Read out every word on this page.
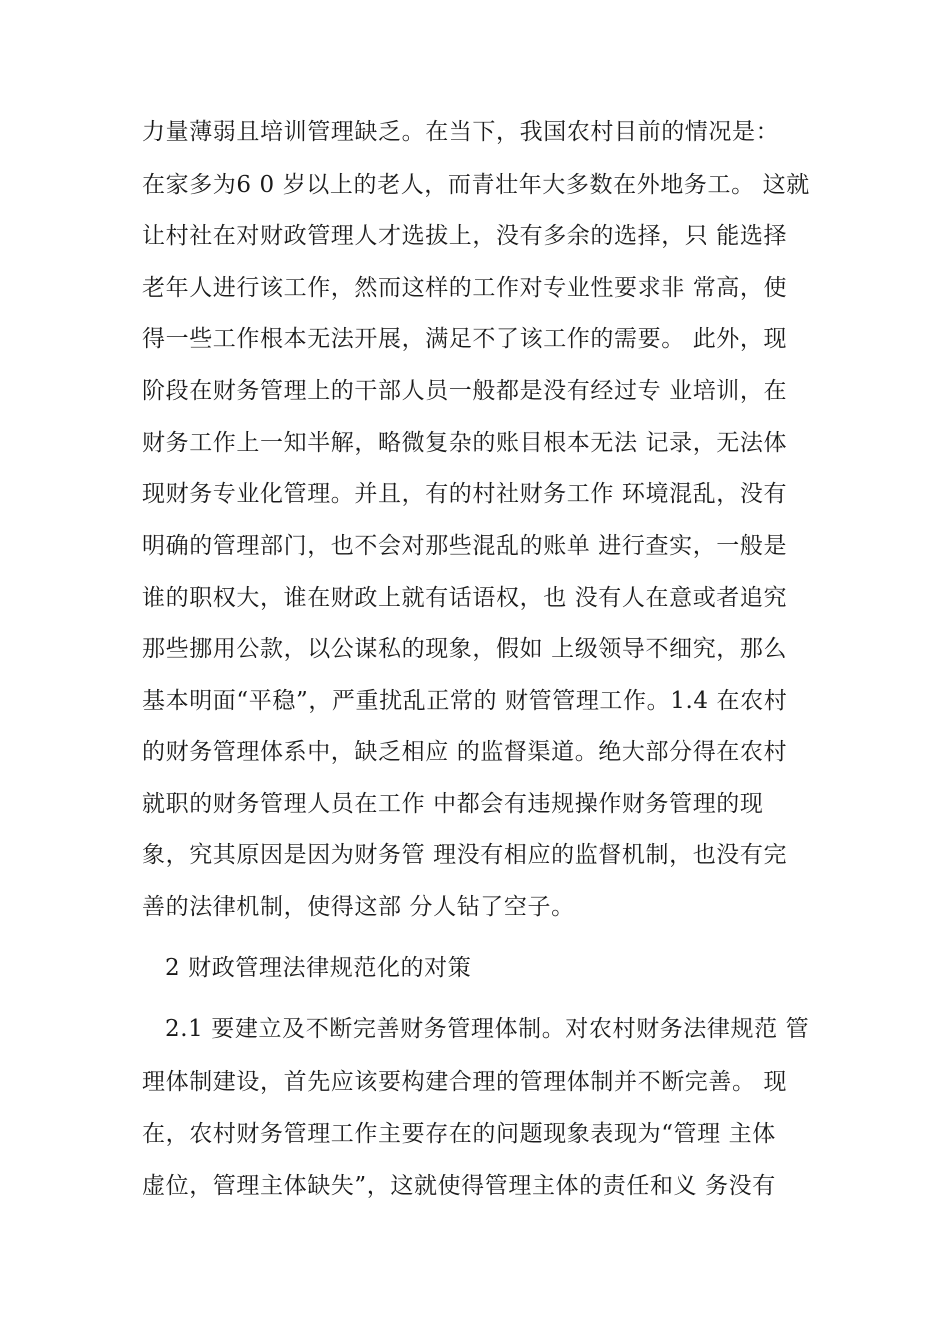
力量薄弱且培训管理缺乏。在当下，我国农村目前的情况是：
在家多为6 0 岁以上的老人，而青壮年大多数在外地务工。 这就
让村社在对财政管理人才选拔上，没有多余的选择，只 能选择
老年人进行该工作，然而这样的工作对专业性要求非 常高，使
得一些工作根本无法开展，满足不了该工作的需要。 此外，现
阶段在财务管理上的干部人员一般都是没有经过专 业培训，在
财务工作上一知半解，略微复杂的账目根本无法 记录，无法体
现财务专业化管理。并且，有的村社财务工作 环境混乱，没有
明确的管理部门，也不会对那些混乱的账单 进行查实，一般是
谁的职权大，谁在财政上就有话语权，也 没有人在意或者追究
那些挪用公款，以公谋私的现象，假如 上级领导不细究，那么
基本明面“平稳”，严重扰乱正常的 财管管理工作。1.4 在农村
的财务管理体系中，缺乏相应 的监督渠道。绝大部分得在农村
就职的财务管理人员在工作 中都会有违规操作财务管理的现
象，究其原因是因为财务管 理没有相应的监督机制，也没有完
善的法律机制，使得这部 分人钻了空子。
2 财政管理法律规范化的对策
2.1 要建立及不断完善财务管理体制。对农村财务法律规范 管
理体制建设，首先应该要构建合理的管理体制并不断完善。 现
在，农村财务管理工作主要存在的问题现象表现为“管理 主体
虚位，管理主体缺失”，这就使得管理主体的责任和义 务没有
